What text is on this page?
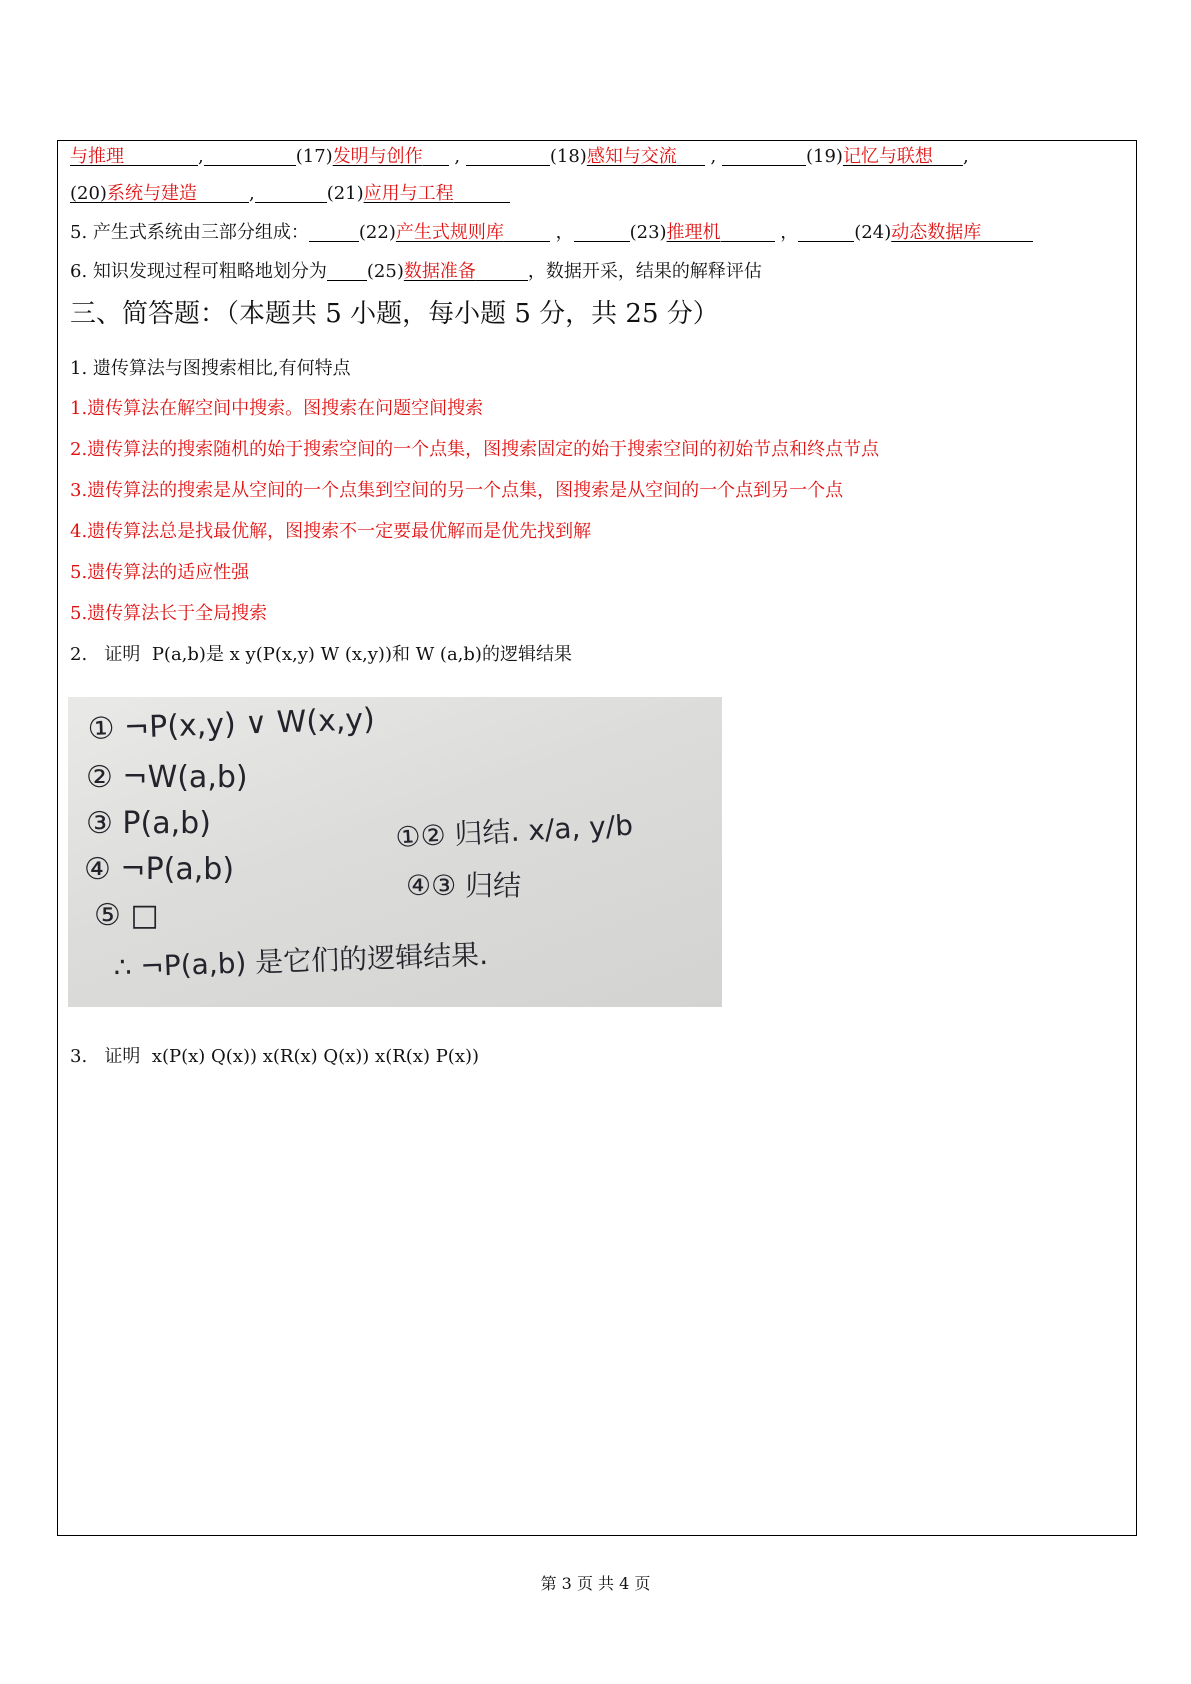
与推理	,	(17)发明与创作 ,	(18)感知与交流 ,	(19)记忆与联想 ,
(20)系统与建造	,	(21)应用与工程
5. 产生式系统由三部分组成：	(22)产生式规则库	，	(23)推理机	，	(24)动态数据库
6. 知识发现过程可粗略地划分为 (25)数据准备	，数据开采，结果的解释评估
三、简答题：（本题共 5 小题，每小题 5 分，共 25 分）
1. 遗传算法与图搜索相比,有何特点
1.遗传算法在解空间中搜索。图搜索在问题空间搜索
2.遗传算法的搜索随机的始于搜索空间的一个点集，图搜索固定的始于搜索空间的初始节点和终点节点
3.遗传算法的搜索是从空间的一个点集到空间的另一个点集，图搜索是从空间的一个点到另一个点
4.遗传算法总是找最优解，图搜索不一定要最优解而是优先找到解
5.遗传算法的适应性强
5.遗传算法长于全局搜索
2. 证明 P(a,b)是 x y(P(x,y) W (x,y))和 W (a,b)的逻辑结果
① ¬P(x,y) ∨ W(x,y)
② ¬W(a,b)
③ P(a,b)
④ ¬P(a,b)
⑤ □
①② 归结. x/a, y/b
④③ 归结
∴ ¬P(a,b) 是它们的逻辑结果.
3. 证明 x(P(x) Q(x)) x(R(x) Q(x)) x(R(x) P(x))
第 3 页 共 4 页
